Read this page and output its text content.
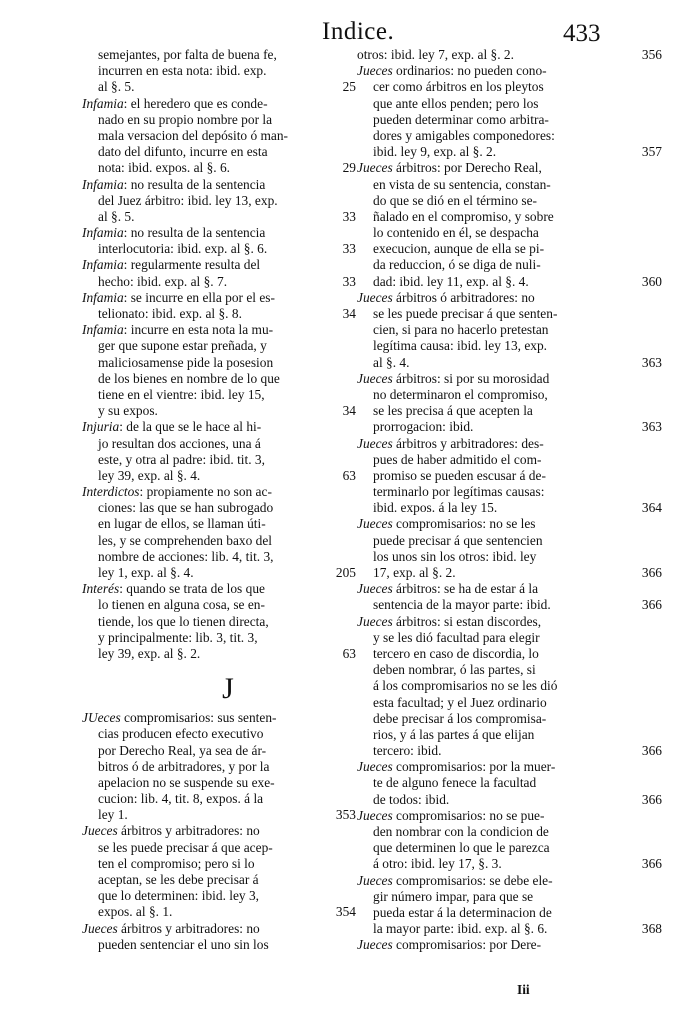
Indice.	433
semejantes, por falta de buena fe,
incurren en esta nota: ibid. exp.
al §. 5.	25
Infamia: el heredero que es conde-
nado en su propio nombre por la
mala versacion del depósito ó man-
dato del difunto, incurre en esta
nota: ibid. expos. al §. 6.	29
Infamia: no resulta de la sentencia
del Juez árbitro: ibid. ley 13, exp.
al §. 5.	33
Infamia: no resulta de la sentencia
interlocutoria: ibid. exp. al §. 6.	33
Infamia: regularmente resulta del
hecho: ibid. exp. al §. 7.	33
Infamia: se incurre en ella por el es-
telionato: ibid. exp. al §. 8.	34
Infamia: incurre en esta nota la mu-
ger que supone estar preñada, y
maliciosamense pide la posesion
de los bienes en nombre de lo que
tiene en el vientre: ibid. ley 15,
y su expos.	34
Injuria: de la que se le hace al hi-
jo resultan dos acciones, una á
este, y otra al padre: ibid. tit. 3,
ley 39, exp. al §. 4.	63
Interdictos: propiamente no son ac-
ciones: las que se han subrogado
en lugar de ellos, se llaman úti-
les, y se comprehenden baxo del
nombre de acciones: lib. 4, tit. 3,
ley 1, exp. al §. 4.	205
Interés: quando se trata de los que
lo tienen en alguna cosa, se en-
tiende, los que lo tienen directa,
y principalmente: lib. 3, tit. 3,
ley 39, exp. al §. 2.	63
J
JUeces compromisarios: sus senten-
cias producen efecto executivo
por Derecho Real, ya sea de ár-
bitros ó de arbitradores, y por la
apelacion no se suspende su exe-
cucion: lib. 4, tit. 8, expos. á la
ley 1.	353
Jueces árbitros y arbitradores: no
se les puede precisar á que acep-
ten el compromiso; pero si lo
aceptan, se les debe precisar á
que lo determinen: ibid. ley 3,
expos. al §. 1.	354
Jueces árbitros y arbitradores: no
pueden sentenciar el uno sin los
otros: ibid. ley 7, exp. al §. 2.	356
Jueces ordinarios: no pueden cono-
cer como árbitros en los pleytos
que ante ellos penden; pero los
pueden determinar como arbitra-
dores y amigables componedores:
ibid. ley 9, exp. al §. 2.	357
Jueces árbitros: por Derecho Real,
en vista de su sentencia, constan-
do que se dió en el término se-
ñalado en el compromiso, y sobre
lo contenido en él, se despacha
execucion, aunque de ella se pi-
da reduccion, ó se diga de nuli-
dad: ibid. ley 11, exp. al §. 4.	360
Jueces árbitros ó arbitradores: no
se les puede precisar á que senten-
cien, si para no hacerlo pretestan
legítima causa: ibid. ley 13, exp.
al §. 4.	363
Jueces árbitros: si por su morosidad
no determinaron el compromiso,
se les precisa á que acepten la
prorrogacion: ibid.	363
Jueces árbitros y arbitradores: des-
pues de haber admitido el com-
promiso se pueden escusar á de-
terminarlo por legítimas causas:
ibid. expos. á la ley 15.	364
Jueces compromisarios: no se les
puede precisar á que sentencien
los unos sin los otros: ibid. ley
17, exp. al §. 2.	366
Jueces árbitros: se ha de estar á la
sentencia de la mayor parte: ibid.	366
Jueces árbitros: si estan discordes,
y se les dió facultad para elegir
tercero en caso de discordia, lo
deben nombrar, ó las partes, si
á los compromisarios no se les dió
esta facultad; y el Juez ordinario
debe precisar á los compromisa-
rios, y á las partes á que elijan
tercero: ibid.	366
Jueces compromisarios: por la muer-
te de alguno fenece la facultad
de todos: ibid.	366
Jueces compromisarios: no se pue-
den nombrar con la condicion de
que determinen lo que le parezca
á otro: ibid. ley 17, §. 3.	366
Jueces compromisarios: se debe ele-
gir número impar, para que se
pueda estar á la determinacion de
la mayor parte: ibid. exp. al §. 6.	368
Jueces compromisarios: por Dere-
Iii
